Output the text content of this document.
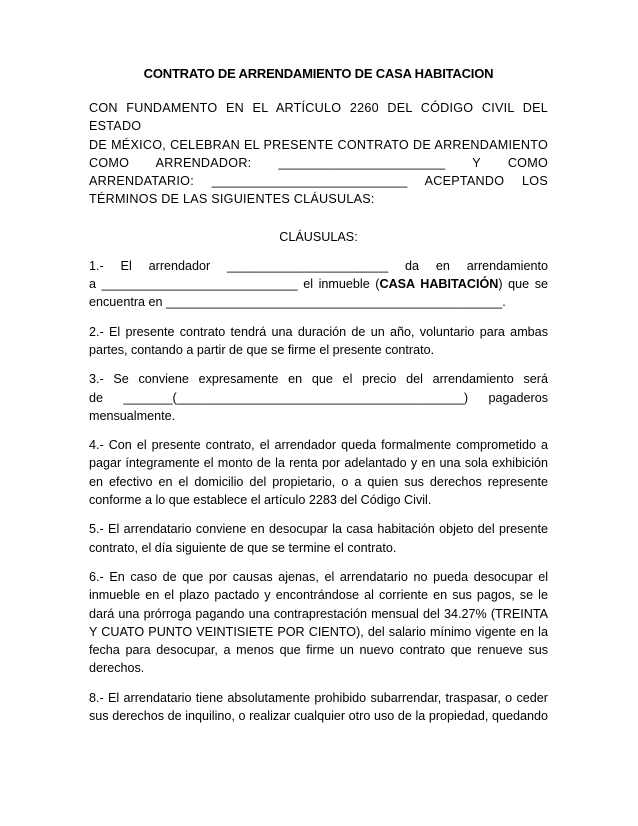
CONTRATO DE ARRENDAMIENTO DE CASA HABITACION
CON FUNDAMENTO EN EL ARTÍCULO 2260 DEL CÓDIGO CIVIL DEL ESTADO
DE MÉXICO, CELEBRAN EL PRESENTE CONTRATO DE ARRENDAMIENTO
COMO ARRENDADOR: _______________________ Y COMO
ARRENDATARIO: ___________________________ ACEPTANDO LOS
TÉRMINOS DE LAS SIGUIENTES CLÁUSULAS:
CLÁUSULAS:
1.- El arrendador _______________________ da en arrendamiento
a ____________________________ el inmueble (CASA HABITACIÓN) que se
encuentra en ________________________________________________.
2.- El presente contrato tendrá una duración de un año, voluntario para ambas
partes, contando a partir de que se firme el presente contrato.
3.- Se conviene expresamente en que el precio del arrendamiento será
de _______(_________________________________________) pagaderos
mensualmente.
4.- Con el presente contrato, el arrendador queda formalmente comprometido a
pagar íntegramente el monto de la renta por adelantado y en una sola exhibición
en efectivo en el domicilio del propietario, o a quien sus derechos represente
conforme a lo que establece el artículo 2283 del Código Civil.
5.- El arrendatario conviene en desocupar la casa habitación objeto del presente
contrato, el día siguiente de que se termine el contrato.
6.- En caso de que por causas ajenas, el arrendatario no pueda desocupar el
inmueble en el plazo pactado y encontrándose al corriente en sus pagos, se le
dará una prórroga pagando una contraprestación mensual del 34.27% (TREINTA
Y CUATO PUNTO VEINTISIETE POR CIENTO), del salario mínimo vigente en la
fecha para desocupar, a menos que firme un nuevo contrato que renueve sus
derechos.
8.- El arrendatario tiene absolutamente prohibido subarrendar, traspasar, o ceder
sus derechos de inquilino, o realizar cualquier otro uso de la propiedad, quedando
